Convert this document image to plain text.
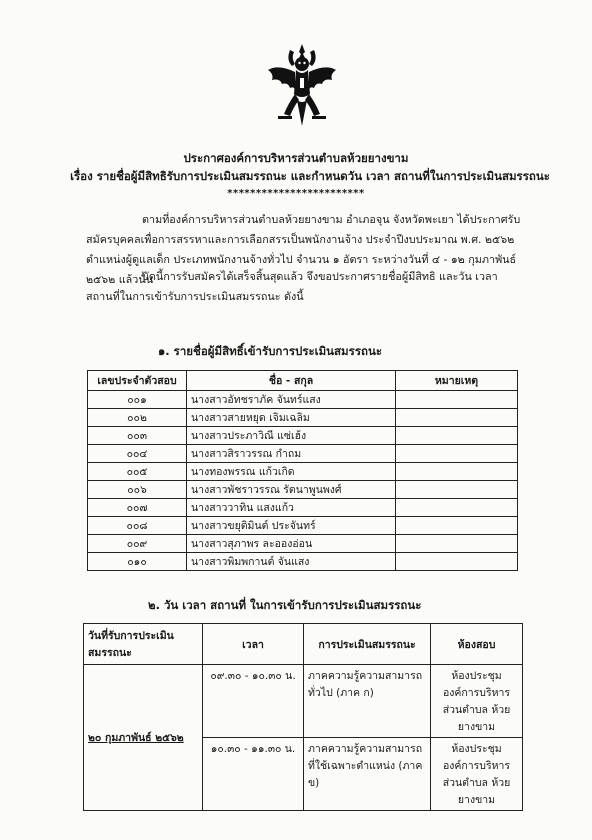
ประกาศองค์การบริหารส่วนตำบลห้วยยางขาม
เรื่อง รายชื่อผู้มีสิทธิรับการประเมินสมรรถนะ และกำหนดวัน เวลา สถานที่ในการประเมินสมรรถนะ
************************
ตามที่องค์การบริหารส่วนตำบลห้วยยางขาม อำเภอจุน จังหวัดพะเยา ได้ประกาศรับสมัครบุคคลเพื่อการสรรหาและการเลือกสรรเป็นพนักงานจ้าง ประจำปีงบประมาณ พ.ศ. ๒๕๖๒ ตำแหน่งผู้ดูแลเด็ก ประเภทพนักงานจ้างทั่วไป จำนวน ๑ อัตรา ระหว่างวันที่ ๔ - ๑๒ กุมภาพันธ์ ๒๕๖๒ แล้วนั้น
บัดนี้การรับสมัครได้เสร็จสิ้นสุดแล้ว จึงขอประกาศรายชื่อผู้มีสิทธิ และวัน เวลา สถานที่ในการเข้ารับการประเมินสมรรถนะ ดังนี้
๑. รายชื่อผู้มีสิทธิ์เข้ารับการประเมินสมรรถนะ
เลขประจำตัวสอบ	ชื่อ - สกุล	หมายเหตุ
๐๐๑	นางสาวอัทชราภัค จันทร์แสง	
๐๐๒	นางสาวสายหยุด เจิมเฉลิม	
๐๐๓	นางสาวประภาวิณี แซ่เฮ้ง	
๐๐๔	นางสาวสิราวรรณ กำถม	
๐๐๕	นางทองพรรณ แก้วเกิด	
๐๐๖	นางสาวพัชราวรรณ รัตนาพูนพงศ์	
๐๐๗	นางสาววาทิน แสงแก้ว	
๐๐๘	นางสาวขยุติมินต์ ประจันทร์	
๐๐๙	นางสาวสุภาพร ละอองอ่อน	
๐๑๐	นางสาวพิมพกานต์ จันแสง	
๒. วัน เวลา สถานที่ ในการเข้ารับการประเมินสมรรถนะ
วันที่รับการประเมินสมรรถนะ	เวลา	การประเมินสมรรถนะ	ห้องสอบ
๒๐ กุมภาพันธ์ ๒๕๖๒	๐๙.๓๐ - ๑๐.๓๐ น.	ภาคความรู้ความสามารถทั่วไป (ภาค ก)	ห้องประชุม องค์การบริหารส่วนตำบล ห้วยยางขาม
	๑๐.๓๐ - ๑๑.๓๐ น.	ภาคความรู้ความสามารถที่ใช้เฉพาะตำแหน่ง (ภาค ข)	ห้องประชุม องค์การบริหารส่วนตำบล ห้วยยางขาม
